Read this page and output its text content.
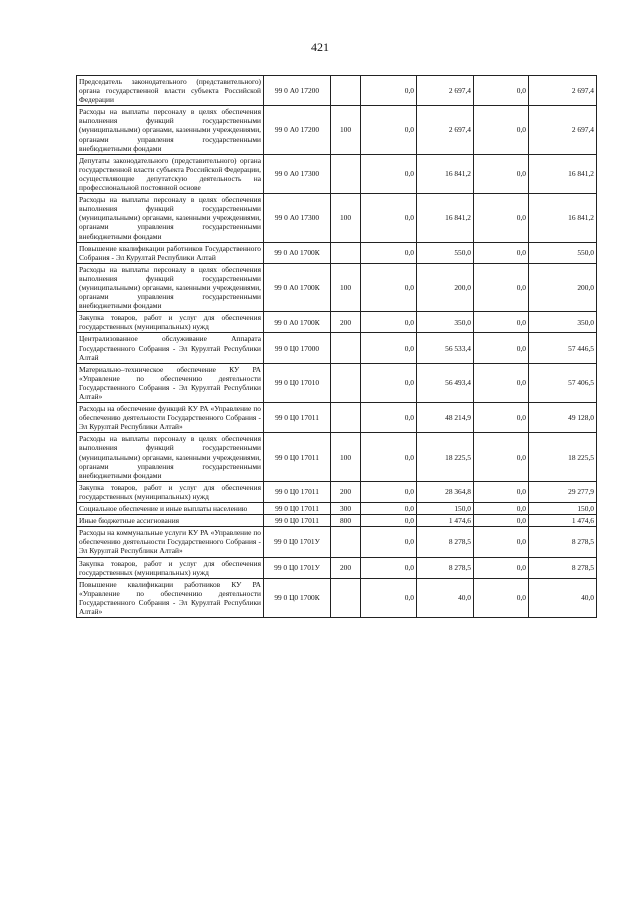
421
Председатель законодательного (представительного) органа государственной власти субъекта Российской Федерации	99 0 А0 17200		0,0	2 697,4	0,0	2 697,4
Расходы на выплаты персоналу в целях обеспечения выполнения функций государственными (муниципальными) органами, казенными учреждениями, органами управления государственными внебюджетными фондами	99 0 А0 17200	100	0,0	2 697,4	0,0	2 697,4
Депутаты законодательного (представительного) органа государственной власти субъекта Российской Федерации, осуществляющие депутатскую деятельность на профессиональной постоянной основе	99 0 А0 17300		0,0	16 841,2	0,0	16 841,2
Расходы на выплаты персоналу в целях обеспечения выполнения функций государственными (муниципальными) органами, казенными учреждениями, органами управления государственными внебюджетными фондами	99 0 А0 17300	100	0,0	16 841,2	0,0	16 841,2
Повышение квалификации работников Государственного Собрания - Эл Курултай Республики Алтай	99 0 А0 1700К		0,0	550,0	0,0	550,0
Расходы на выплаты персоналу в целях обеспечения выполнения функций государственными (муниципальными) органами, казенными учреждениями, органами управления государственными внебюджетными фондами	99 0 А0 1700К	100	0,0	200,0	0,0	200,0
Закупка товаров, работ и услуг для обеспечения государственных (муниципальных) нужд	99 0 А0 1700К	200	0,0	350,0	0,0	350,0
Централизованное обслуживание Аппарата Государственного Собрания - Эл Курултай Республики Алтай	99 0 Ц0 17000		0,0	56 533,4	0,0	57 446,5
Материально–техническое обеспечение КУ РА «Управление по обеспечению деятельности Государственного Собрания - Эл Курултай Республики Алтай»	99 0 Ц0 17010		0,0	56 493,4	0,0	57 406,5
Расходы на обеспечение функций КУ РА «Управление по обеспечению деятельности Государственного Собрания - Эл Курултай Республики Алтай»	99 0 Ц0 17011		0,0	48 214,9	0,0	49 128,0
Расходы на выплаты персоналу в целях обеспечения выполнения функций государственными (муниципальными) органами, казенными учреждениями, органами управления государственными внебюджетными фондами	99 0 Ц0 17011	100	0,0	18 225,5	0,0	18 225,5
Закупка товаров, работ и услуг для обеспечения государственных (муниципальных) нужд	99 0 Ц0 17011	200	0,0	28 364,8	0,0	29 277,9
Социальное обеспечение и иные выплаты населению	99 0 Ц0 17011	300	0,0	150,0	0,0	150,0
Иные бюджетные ассигнования	99 0 Ц0 17011	800	0,0	1 474,6	0,0	1 474,6
Расходы на коммунальные услуги КУ РА «Управление по обеспечению деятельности Государственного Собрания - Эл Курултай Республики Алтай»	99 0 Ц0 1701У		0,0	8 278,5	0,0	8 278,5
Закупка товаров, работ и услуг для обеспечения государственных (муниципальных) нужд	99 0 Ц0 1701У	200	0,0	8 278,5	0,0	8 278,5
Повышение квалификации работников КУ РА «Управление по обеспечению деятельности Государственного Собрания - Эл Курултай Республики Алтай»	99 0 Ц0 1700К		0,0	40,0	0,0	40,0
